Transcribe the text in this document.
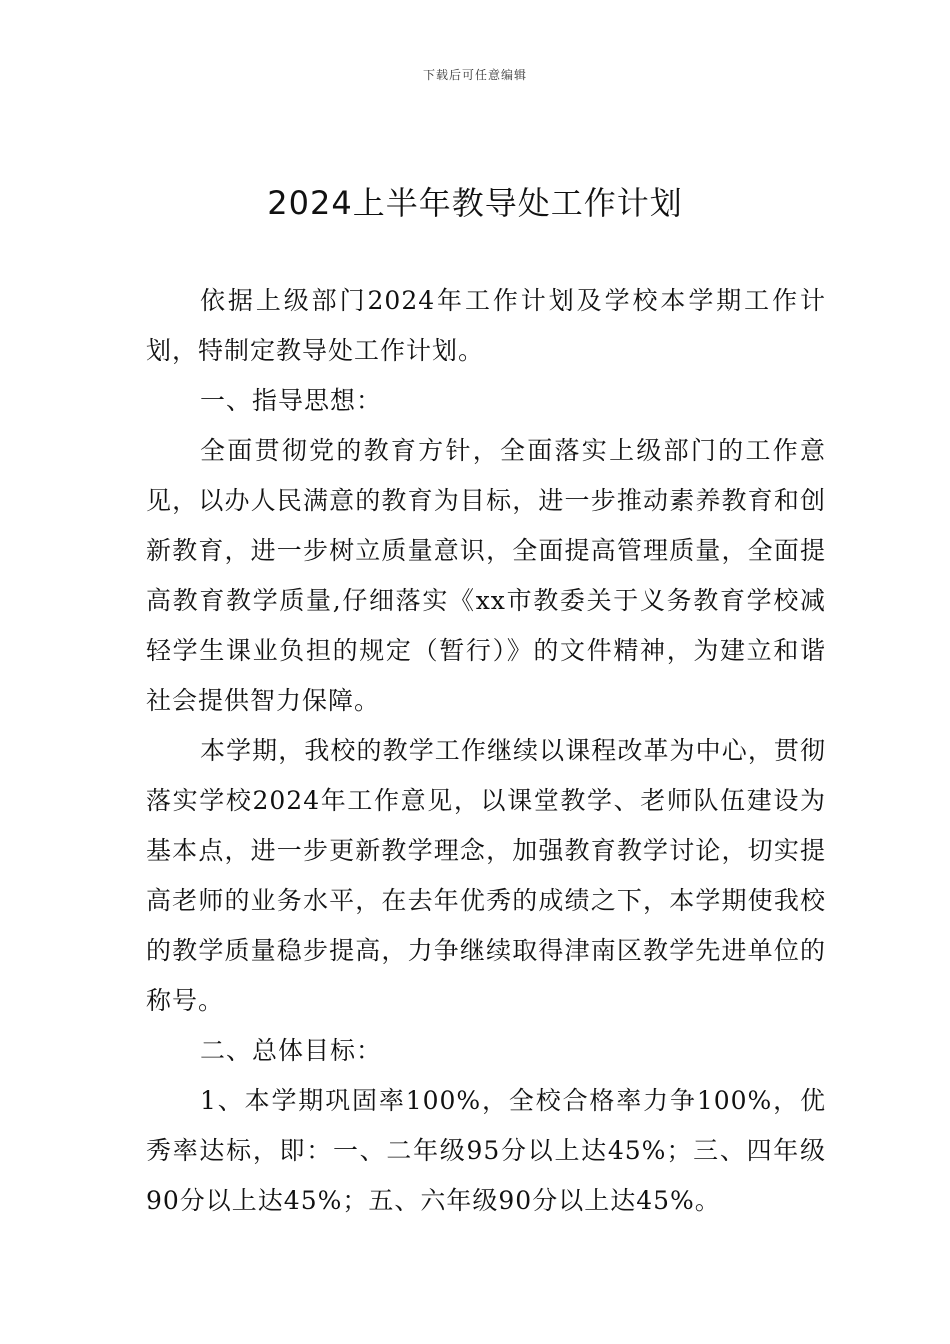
下载后可任意编辑
2024上半年教导处工作计划

依据上级部门2024年工作计划及学校本学期工作计划，特制定教导处工作计划。

一、指导思想：

全面贯彻党的教育方针，全面落实上级部门的工作意见，以办人民满意的教育为目标，进一步推动素养教育和创新教育，进一步树立质量意识，全面提高管理质量，全面提高教育教学质量,仔细落实《xx市教委关于义务教育学校减轻学生课业负担的规定（暂行）》的文件精神，为建立和谐社会提供智力保障。

本学期，我校的教学工作继续以课程改革为中心，贯彻落实学校2024年工作意见，以课堂教学、老师队伍建设为基本点，进一步更新教学理念，加强教育教学讨论，切实提高老师的业务水平，在去年优秀的成绩之下，本学期使我校的教学质量稳步提高，力争继续取得津南区教学先进单位的称号。

二、总体目标：

1、本学期巩固率100%，全校合格率力争100%，优秀率达标，即：一、二年级95分以上达45%；三、四年级90分以上达45%；五、六年级90分以上达45%。
